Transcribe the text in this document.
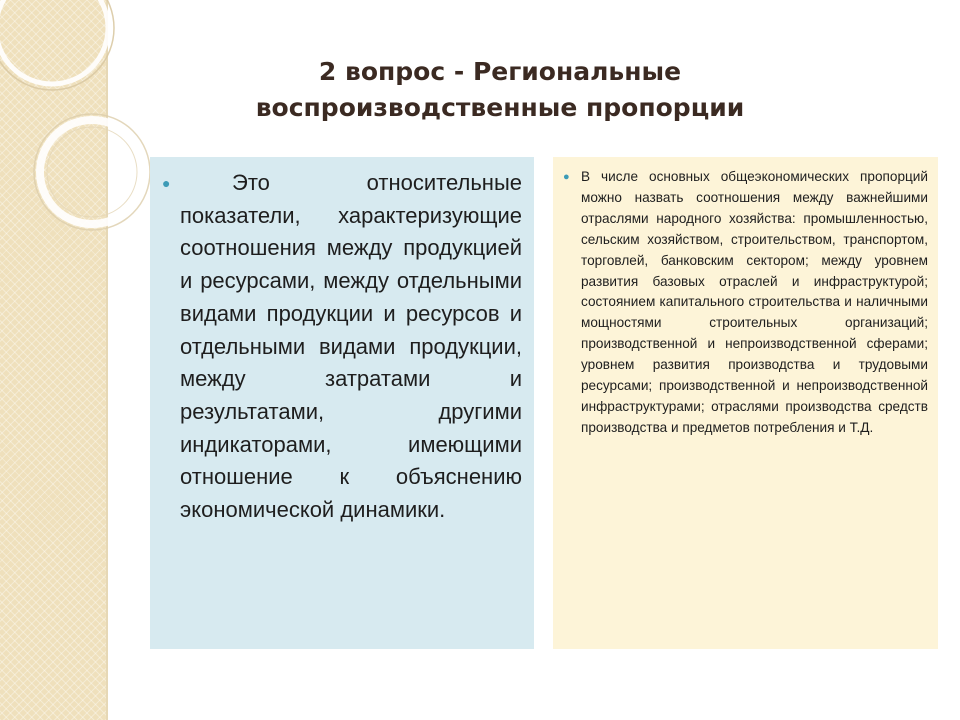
2 вопрос - Региональные
воспроизводственные пропорции
●	Это относительные показатели, характеризующие соотношения между продукцией и ресурсами, между отдельными видами продукции и ресурсов и отдельными видами продукции, между затратами и результатами, другими индикаторами, имеющими отношение к объяснению экономической динамики.

● В числе основных общеэкономических пропорций можно назвать соотношения между важнейшими отраслями народного хозяйства: промышленностью, сельским хозяйством, строительством, транспортом, торговлей, банковским сектором; между уровнем развития базовых отраслей и инфраструктурой; состоянием капитального строительства и наличными мощностями строительных организаций; производственной и непроизводственной сферами; уровнем развития производства и трудовыми ресурсами; производственной и непроизводственной инфраструктурами; отраслями производства средств производства и предметов потребления и Т.Д.
